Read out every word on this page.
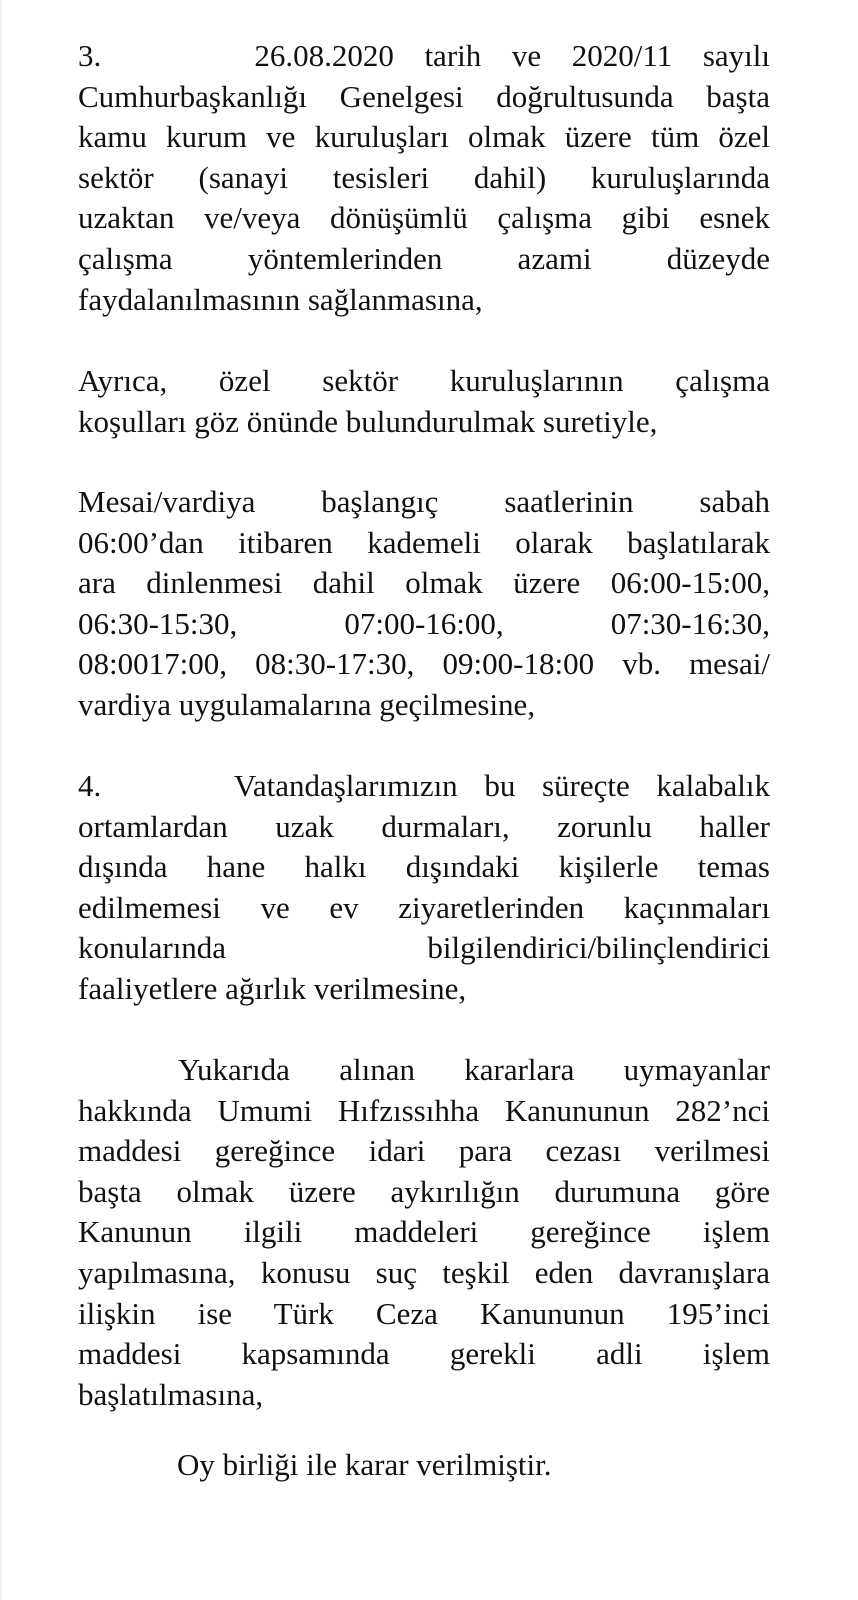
3.     26.08.2020 tarih ve 2020/11 sayılı
Cumhurbaşkanlığı Genelgesi doğrultusunda başta
kamu kurum ve kuruluşları olmak üzere tüm özel
sektör (sanayi tesisleri dahil) kuruluşlarında
uzaktan ve/veya dönüşümlü çalışma gibi esnek
çalışma yöntemlerinden azami düzeyde
faydalanılmasının sağlanmasına,
Ayrıca, özel sektör kuruluşlarının çalışma
koşulları göz önünde bulundurulmak suretiyle,
Mesai/vardiya başlangıç saatlerinin sabah
06:00’dan itibaren kademeli olarak başlatılarak
ara dinlenmesi dahil olmak üzere 06:00-15:00,
06:30-15:30, 07:00-16:00, 07:30-16:30,
08:0017:00, 08:30-17:30, 09:00-18:00 vb. mesai/
vardiya uygulamalarına geçilmesine,
4.     Vatandaşlarımızın bu süreçte kalabalık
ortamlardan uzak durmaları, zorunlu haller
dışında hane halkı dışındaki kişilerle temas
edilmemesi ve ev ziyaretlerinden kaçınmaları
konularında bilgilendirici/bilinçlendirici
faaliyetlere ağırlık verilmesine,
Yukarıda alınan kararlara uymayanlar
hakkında Umumi Hıfzıssıhha Kanununun 282’nci
maddesi gereğince idari para cezası verilmesi
başta olmak üzere aykırılığın durumuna göre
Kanunun ilgili maddeleri gereğince işlem
yapılmasına, konusu suç teşkil eden davranışlara
ilişkin ise Türk Ceza Kanununun 195’inci
maddesi kapsamında gerekli adli işlem
başlatılmasına,
Oy birliği ile karar verilmiştir.
